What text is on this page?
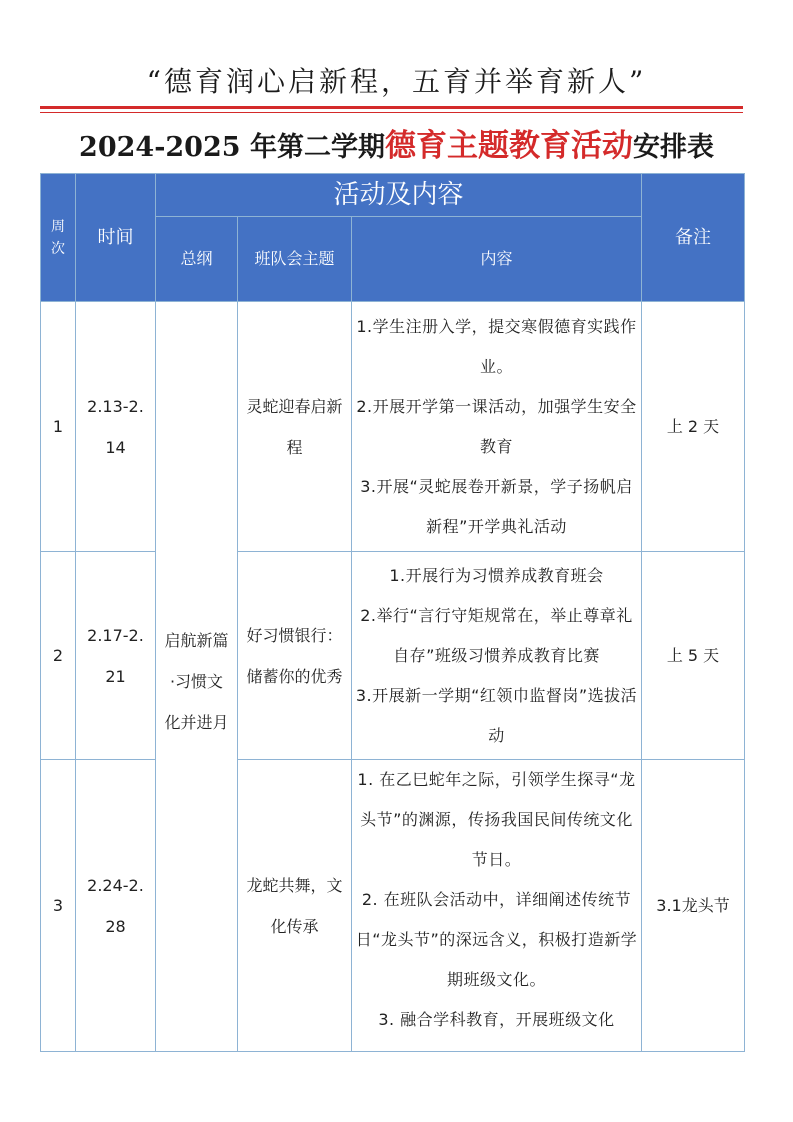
“德育润心启新程，五育并举育新人”
2024-2025 年第二学期德育主题教育活动安排表
周次	时间	活动及内容			备注
		总纲	班队会主题	内容	
1	2.13-2.14	启航新篇·习惯文化并进月	灵蛇迎春启新程	1.学生注册入学，提交寒假德育实践作业。
2.开展开学第一课活动，加强学生安全教育
3.开展“灵蛇展卷开新景，学子扬帆启新程”开学典礼活动	上 2 天
2	2.17-2.21		好习惯银行：储蓄你的优秀	1.开展行为习惯养成教育班会
2.举行“言行守矩规常在，举止尊章礼自存”班级习惯养成教育比赛
3.开展新一学期“红领巾监督岗”选拔活动	上 5 天
3	2.24-2.28		龙蛇共舞，文化传承	1. 在乙巳蛇年之际，引领学生探寻“龙头节”的渊源，传扬我国民间传统文化节日。
2. 在班队会活动中，详细阐述传统节日“龙头节”的深远含义，积极打造新学期班级文化。
3. 融合学科教育，开展班级文化	3.1龙头节
